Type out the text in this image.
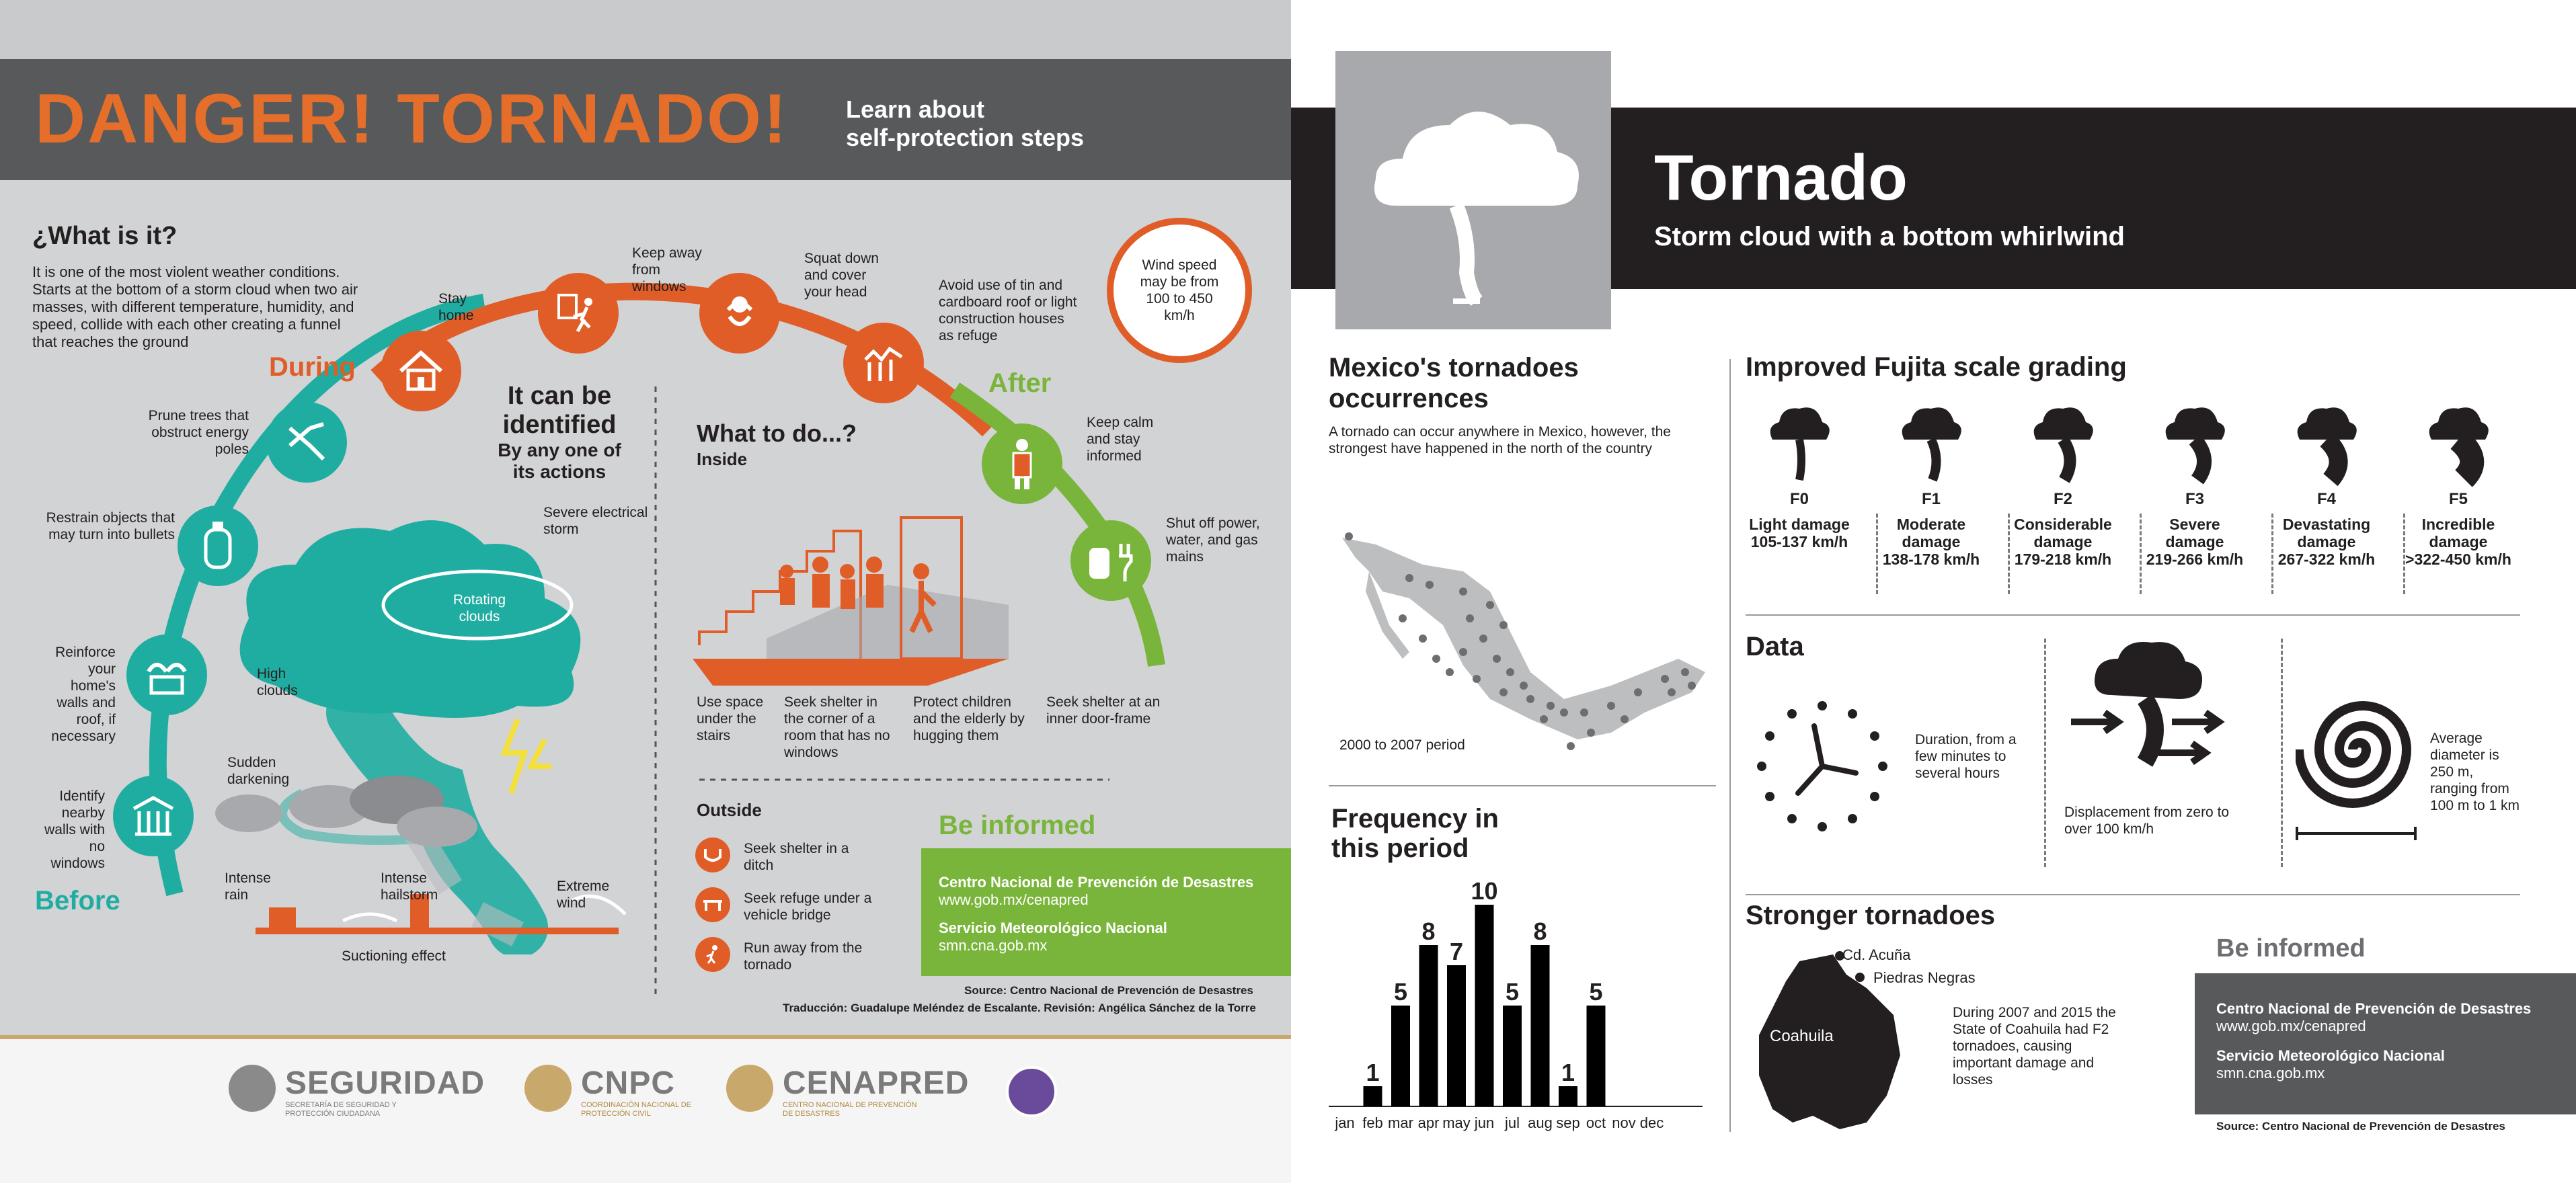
DANGER! TORNADO! Learn about
self-protection steps
¿What is it?
It is one of the most violent weather conditions. Starts at the bottom of a storm cloud when two air masses, with different temperature, humidity, and speed, collide with each other creating a funnel that reaches the ground
Wind speed may be from 100 to 450 km/h
During
After
Before
Stay home
Keep away from windows
Squat down and cover your head	Avoid use of tin and cardboard roof or light construction houses as refuge
Keep calm and stay informed
Shut off power, water, and gas mains
Prune trees that obstruct energy poles
Restrain objects that may turn into bullets
Reinforce your home's walls and roof, if necessary
Identify nearby walls with no windows
It can be
identified
By any one of
its actions
Rotating clouds
Severe electrical storm
High clouds
Sudden darkening
Intense rain
Intense hailstorm
Extreme wind
Suctioning effect
What to do...?
Inside
Use space under the stairs
Seek shelter in the corner of a room that has no windows
Protect children and the elderly by hugging them
Seek shelter at an inner door-frame
Outside
Seek shelter in a ditch
Seek refuge under a vehicle bridge
Run away from the tornado
Be informed
Centro Nacional de Prevención de Desastres
www.gob.mx/cenapred
Servicio Meteorológico Nacional
smn.cna.gob.mx
Source: Centro Nacional de Prevención de Desastres
Traducción: Guadalupe Meléndez de Escalante. Revisión: Angélica Sánchez de la Torre
SEGURIDAD
SECRETARÍA DE SEGURIDAD Y PROTECCIÓN CIUDADANA
CNPC
COORDINACIÓN NACIONAL DE PROTECCIÓN CIVIL
CENAPRED
CENTRO NACIONAL DE PREVENCIÓN DE DESASTRES
Tornado
Storm cloud with a bottom whirlwind
Mexico's tornadoes occurrences
A tornado can occur anywhere in Mexico, however, the strongest have happened in the north of the country
2000 to 2007 period
Improved Fujita scale grading
F0
Light damage
105-137 km/h
F1
Moderate damage
138-178 km/h
F2
Considerable damage
179-218 km/h
F3
Severe damage
219-266 km/h
F4
Devastating damage
267-322 km/h
F5
Incredible damage
>322-450 km/h
Data
Duration, from a few minutes to several hours
Displacement from zero to over 100 km/h
Average diameter is 250 m, ranging from 100 m to 1 km
Frequency in this period
jan
1
feb
5
mar
8
apr
7
may
10
jun
5
jul
8
aug
1
sep
5
oct nov dec
Stronger tornadoes
Cd. Acuña
Piedras Negras
Coahuila
During 2007 and 2015 the State of Coahuila had F2 tornadoes, causing important damage and losses
Be informed
Centro Nacional de Prevención de Desastres
www.gob.mx/cenapred
Servicio Meteorológico Nacional
smn.cna.gob.mx
Source: Centro Nacional de Prevención de Desastres
